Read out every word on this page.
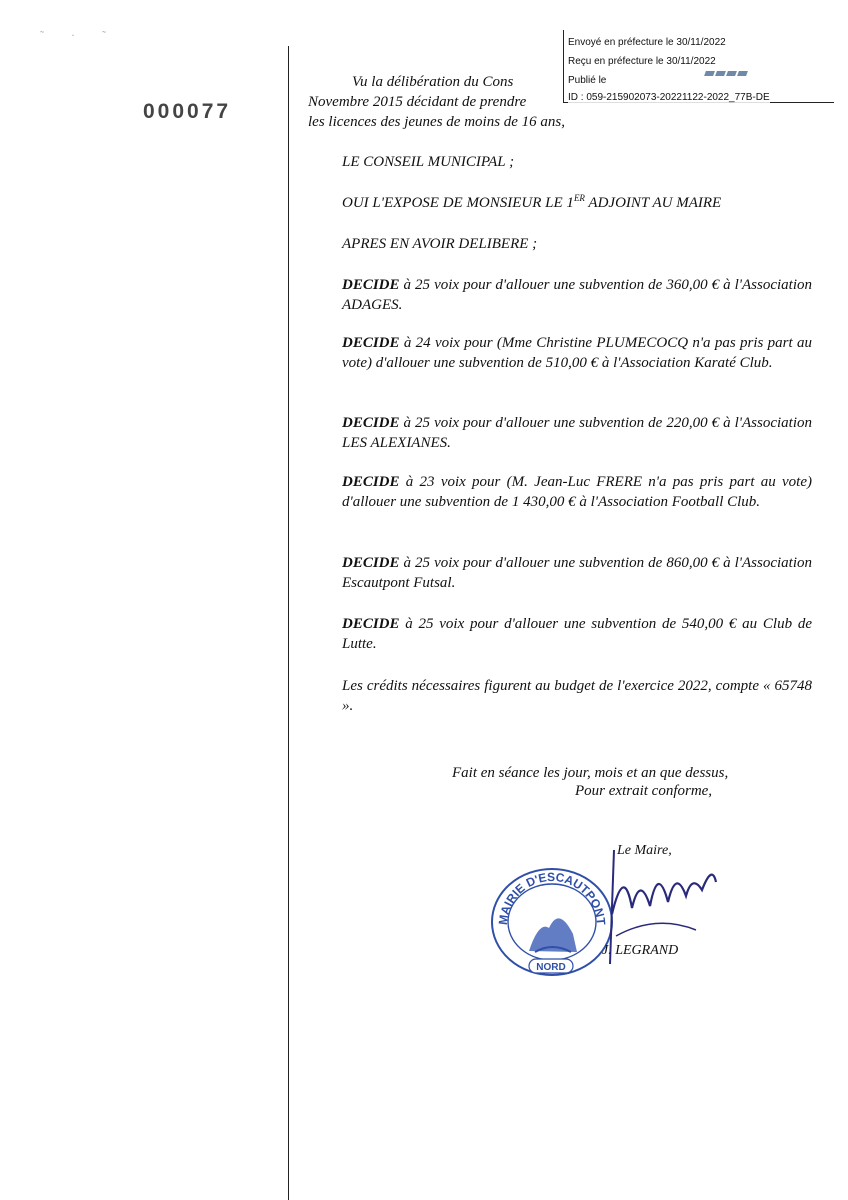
˜ · ˜
000077
Envoyé en préfecture le 30/11/2022
Reçu en préfecture le 30/11/2022
Publié le
ID : 059-215902073-20221122-2022_77B-DE

Vu la délibération du Cons

Novembre 2015 décidant de prendre

les licences des jeunes de moins de 16 ans,

LE CONSEIL MUNICIPAL ;
OUI L'EXPOSE DE MONSIEUR LE 1ER ADJOINT AU MAIRE
APRES EN AVOIR DELIBERE ;
DECIDE à 25 voix pour d'allouer une subvention de 360,00 € à l'Association ADAGES.
DECIDE à 24 voix pour (Mme Christine PLUMECOCQ n'a pas pris part au vote) d'allouer une subvention de 510,00 € à l'Association Karaté Club.
DECIDE à 25 voix pour d'allouer une subvention de 220,00 € à l'Association LES ALEXIANES.
DECIDE à 23 voix pour (M. Jean-Luc FRERE n'a pas pris part au vote) d'allouer une subvention de 1 430,00 € à l'Association Football Club.
DECIDE à 25 voix pour d'allouer une subvention de 860,00 € à l'Association Escautpont Futsal.
DECIDE à 25 voix pour d'allouer une subvention de 540,00 € au Club de Lutte.
Les crédits nécessaires figurent au budget de l'exercice 2022, compte « 65748 ».
Fait en séance les jour, mois et an que dessus,
Pour extrait conforme,
MAIRIE D'ESCAUTPONT
NORD
Le Maire,
J. LEGRAND
